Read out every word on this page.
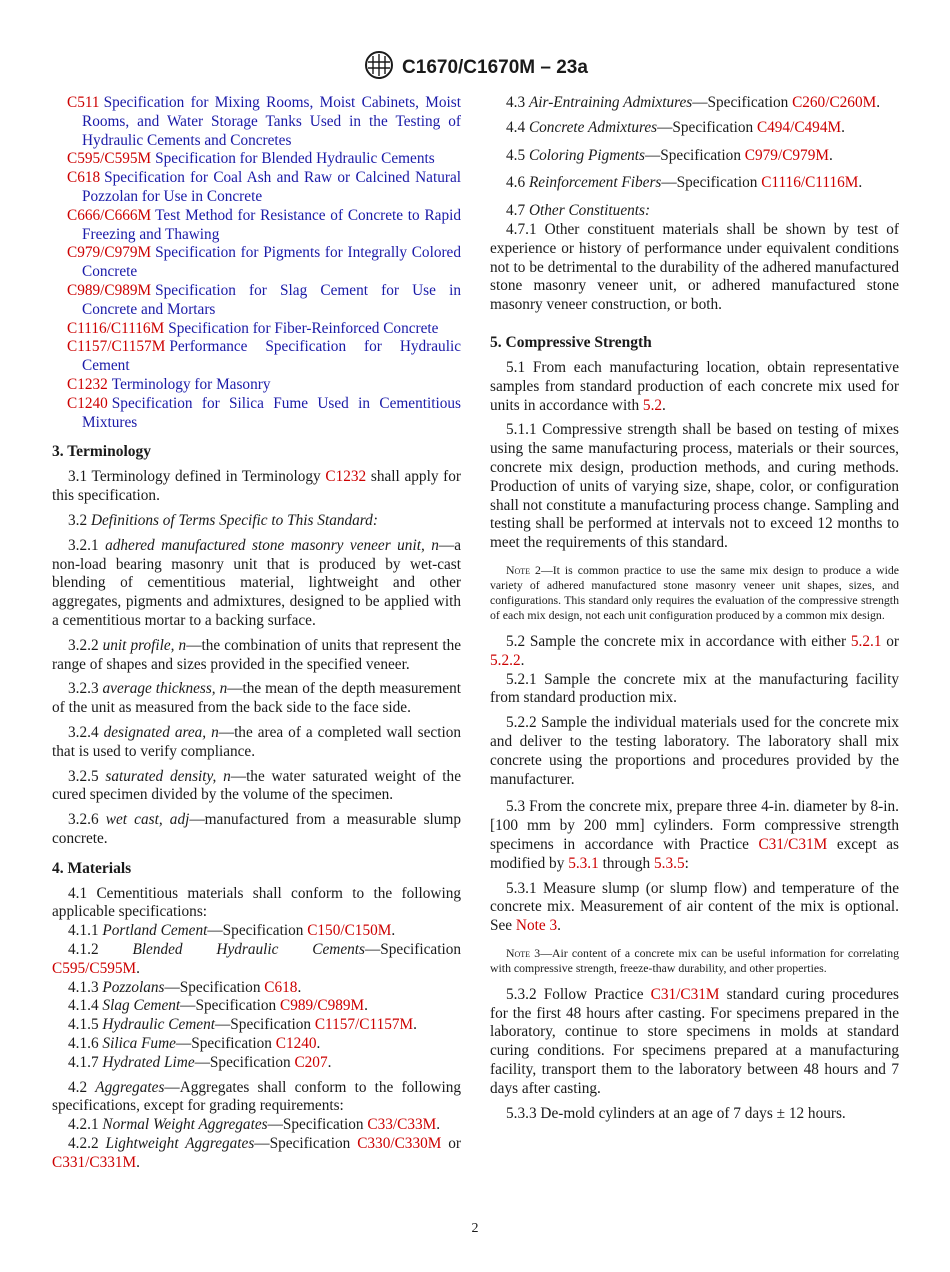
C1670/C1670M – 23a
C511 Specification for Mixing Rooms, Moist Cabinets, Moist Rooms, and Water Storage Tanks Used in the Testing of Hydraulic Cements and Concretes
C595/C595M Specification for Blended Hydraulic Cements
C618 Specification for Coal Ash and Raw or Calcined Natural Pozzolan for Use in Concrete
C666/C666M Test Method for Resistance of Concrete to Rapid Freezing and Thawing
C979/C979M Specification for Pigments for Integrally Colored Concrete
C989/C989M Specification for Slag Cement for Use in Concrete and Mortars
C1116/C1116M Specification for Fiber-Reinforced Concrete
C1157/C1157M Performance Specification for Hydraulic Cement
C1232 Terminology for Masonry
C1240 Specification for Silica Fume Used in Cementitious Mixtures
3. Terminology

3.1 Terminology defined in Terminology C1232 shall apply for this specification.

3.2 Definitions of Terms Specific to This Standard:

3.2.1 adhered manufactured stone masonry veneer unit, n—a non-load bearing masonry unit that is produced by wet-cast blending of cementitious material, lightweight and other aggregates, pigments and admixtures, designed to be applied with a cementitious mortar to a backing surface.

3.2.2 unit profile, n—the combination of units that represent the range of shapes and sizes provided in the specified veneer.

3.2.3 average thickness, n—the mean of the depth measurement of the unit as measured from the back side to the face side.

3.2.4 designated area, n—the area of a completed wall section that is used to verify compliance.

3.2.5 saturated density, n—the water saturated weight of the cured specimen divided by the volume of the specimen.

3.2.6 wet cast, adj—manufactured from a measurable slump concrete.

4. Materials

4.1 Cementitious materials shall conform to the following applicable specifications:

4.1.1 Portland Cement—Specification C150/C150M.
4.1.2 Blended Hydraulic Cements—Specification C595/C595M.
4.1.3 Pozzolans—Specification C618.
4.1.4 Slag Cement—Specification C989/C989M.
4.1.5 Hydraulic Cement—Specification C1157/C1157M.
4.1.6 Silica Fume—Specification C1240.
4.1.7 Hydrated Lime—Specification C207.

4.2 Aggregates—Aggregates shall conform to the following specifications, except for grading requirements:

4.2.1 Normal Weight Aggregates—Specification C33/C33M.

4.2.2 Lightweight Aggregates—Specification C330/C330M or C331/C331M.

4.3 Air-Entraining Admixtures—Specification C260/C260M.

4.4 Concrete Admixtures—Specification C494/C494M.

4.5 Coloring Pigments—Specification C979/C979M.

4.6 Reinforcement Fibers—Specification C1116/C1116M.

4.7 Other Constituents:

4.7.1 Other constituent materials shall be shown by test of experience or history of performance under equivalent conditions not to be detrimental to the durability of the adhered manufactured stone masonry veneer unit, or adhered manufactured stone masonry veneer construction, or both.

5. Compressive Strength

5.1 From each manufacturing location, obtain representative samples from standard production of each concrete mix used for units in accordance with 5.2.

5.1.1 Compressive strength shall be based on testing of mixes using the same manufacturing process, materials or their sources, concrete mix design, production methods, and curing methods. Production of units of varying size, shape, color, or configuration shall not constitute a manufacturing process change. Sampling and testing shall be performed at intervals not to exceed 12 months to meet the requirements of this standard.

Note 2—It is common practice to use the same mix design to produce a wide variety of adhered manufactured stone masonry veneer unit shapes, sizes, and configurations. This standard only requires the evaluation of the compressive strength of each mix design, not each unit configuration produced by a common mix design.

5.2 Sample the concrete mix in accordance with either 5.2.1 or 5.2.2.

5.2.1 Sample the concrete mix at the manufacturing facility from standard production mix.

5.2.2 Sample the individual materials used for the concrete mix and deliver to the testing laboratory. The laboratory shall mix concrete using the proportions and procedures provided by the manufacturer.

5.3 From the concrete mix, prepare three 4-in. diameter by 8-in. [100 mm by 200 mm] cylinders. Form compressive strength specimens in accordance with Practice C31/C31M except as modified by 5.3.1 through 5.3.5:

5.3.1 Measure slump (or slump flow) and temperature of the concrete mix. Measurement of air content of the mix is optional. See Note 3.

Note 3—Air content of a concrete mix can be useful information for correlating with compressive strength, freeze-thaw durability, and other properties.

5.3.2 Follow Practice C31/C31M standard curing procedures for the first 48 hours after casting. For specimens prepared in the laboratory, continue to store specimens in molds at standard curing conditions. For specimens prepared at a manufacturing facility, transport them to the laboratory between 48 hours and 7 days after casting.

5.3.3 De-mold cylinders at an age of 7 days ± 12 hours.

2
